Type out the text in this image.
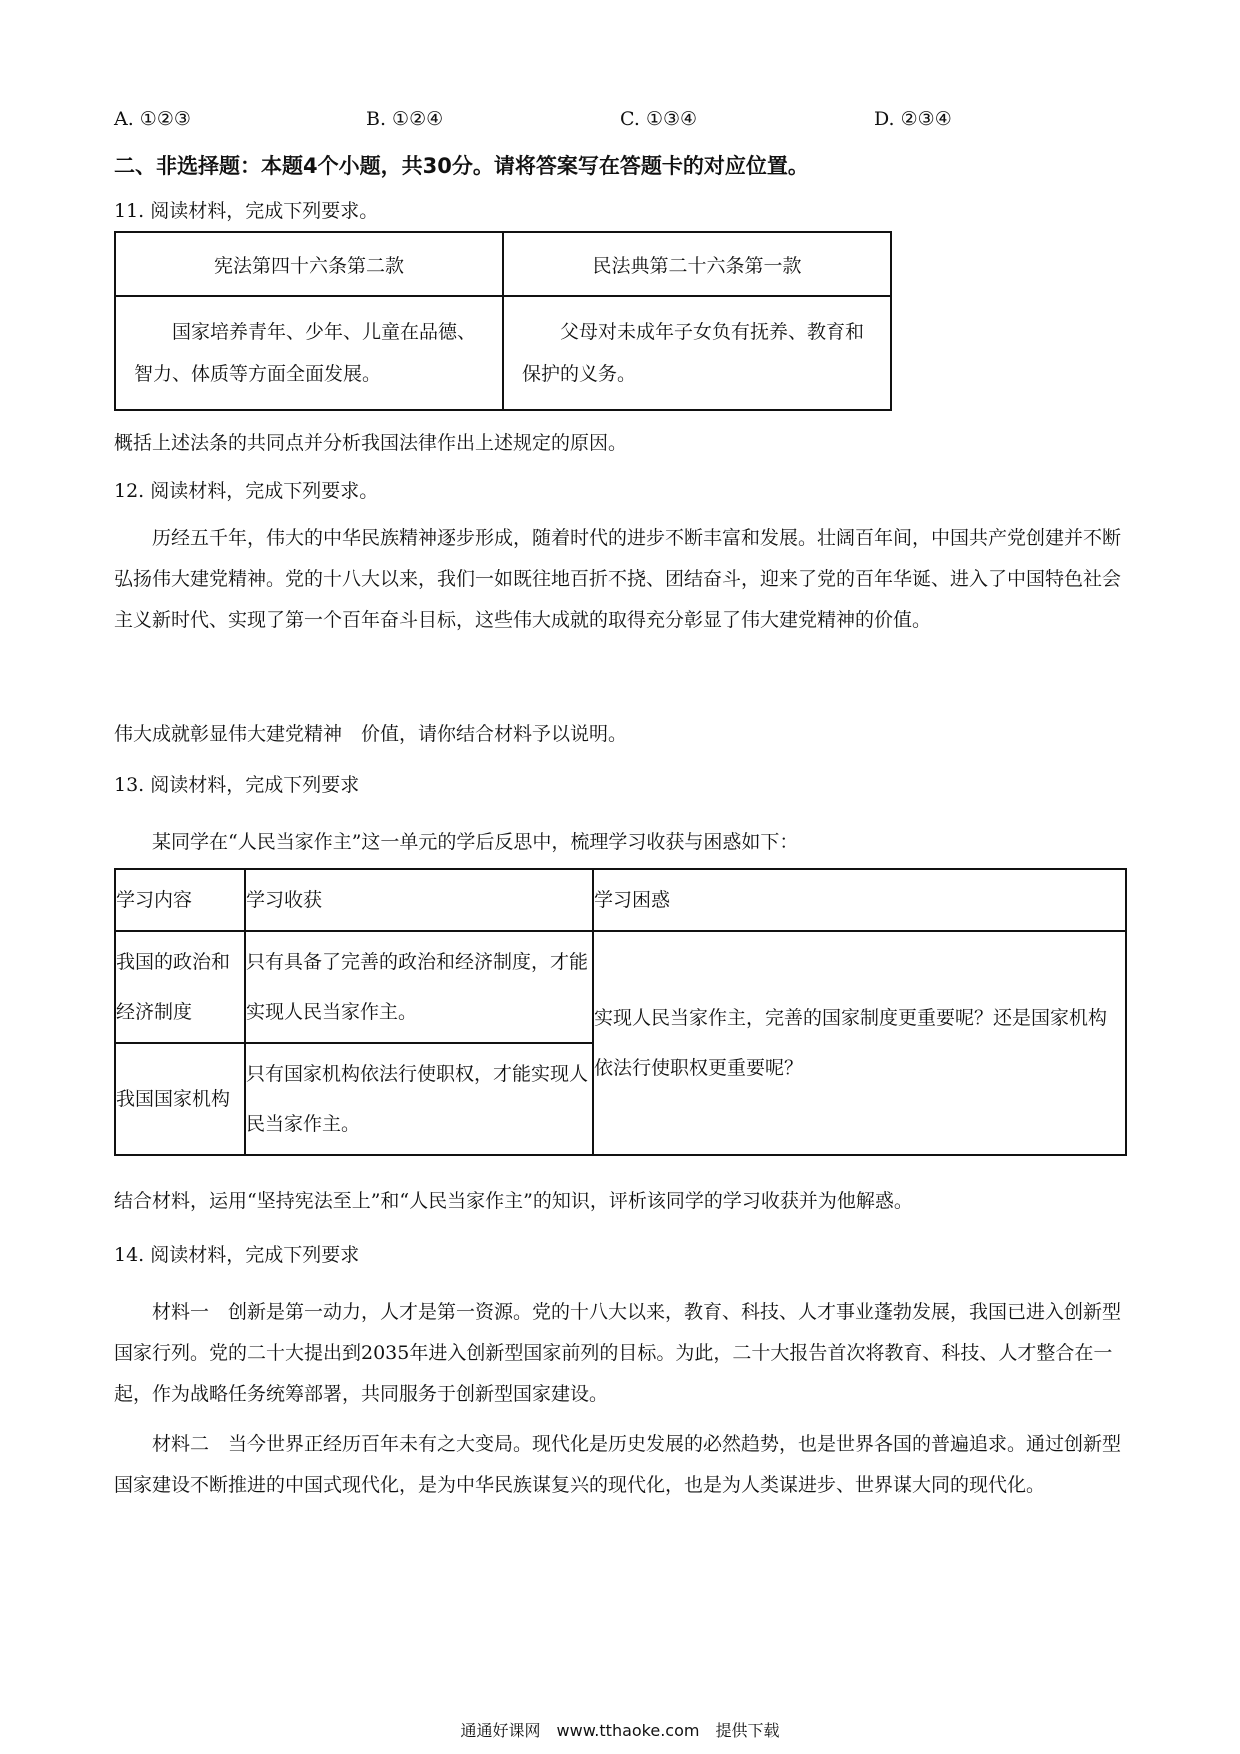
A. ①②③	B. ①②④	C. ①③④	D. ②③④
二、非选择题：本题4个小题，共30分。请将答案写在答题卡的对应位置。
11. 阅读材料，完成下列要求。
宪法第四十六条第二款	民法典第二十六条第一款
国家培养青年、少年、儿童在品德、智力、体质等方面全面发展。	父母对未成年子女负有抚养、教育和保护的义务。
概括上述法条的共同点并分析我国法律作出上述规定的原因。
12. 阅读材料，完成下列要求。
历经五千年，伟大的中华民族精神逐步形成，随着时代的进步不断丰富和发展。壮阔百年间，中国共产党创建并不断弘扬伟大建党精神。党的十八大以来，我们一如既往地百折不挠、团结奋斗，迎来了党的百年华诞、进入了中国特色社会主义新时代、实现了第一个百年奋斗目标，这些伟大成就的取得充分彰显了伟大建党精神的价值。
伟大成就彰显伟大建党精神　价值，请你结合材料予以说明。
13. 阅读材料，完成下列要求
某同学在“人民当家作主”这一单元的学后反思中，梳理学习收获与困惑如下：
学习内容	学习收获	学习困惑
我国的政治和经济制度	只有具备了完善的政治和经济制度，才能实现人民当家作主。	实现人民当家作主，完善的国家制度更重要呢？还是国家机构依法行使职权更重要呢？
我国国家机构	只有国家机构依法行使职权，才能实现人民当家作主。	
结合材料，运用“坚持宪法至上”和“人民当家作主”的知识，评析该同学的学习收获并为他解惑。
14. 阅读材料，完成下列要求
材料一　创新是第一动力，人才是第一资源。党的十八大以来，教育、科技、人才事业蓬勃发展，我国已进入创新型国家行列。党的二十大提出到2035年进入创新型国家前列的目标。为此，二十大报告首次将教育、科技、人才整合在一起，作为战略任务统筹部署，共同服务于创新型国家建设。
材料二　当今世界正经历百年未有之大变局。现代化是历史发展的必然趋势，也是世界各国的普遍追求。通过创新型国家建设不断推进的中国式现代化，是为中华民族谋复兴的现代化，也是为人类谋进步、世界谋大同的现代化。
通通好课网　www.tthaoke.com　提供下载
